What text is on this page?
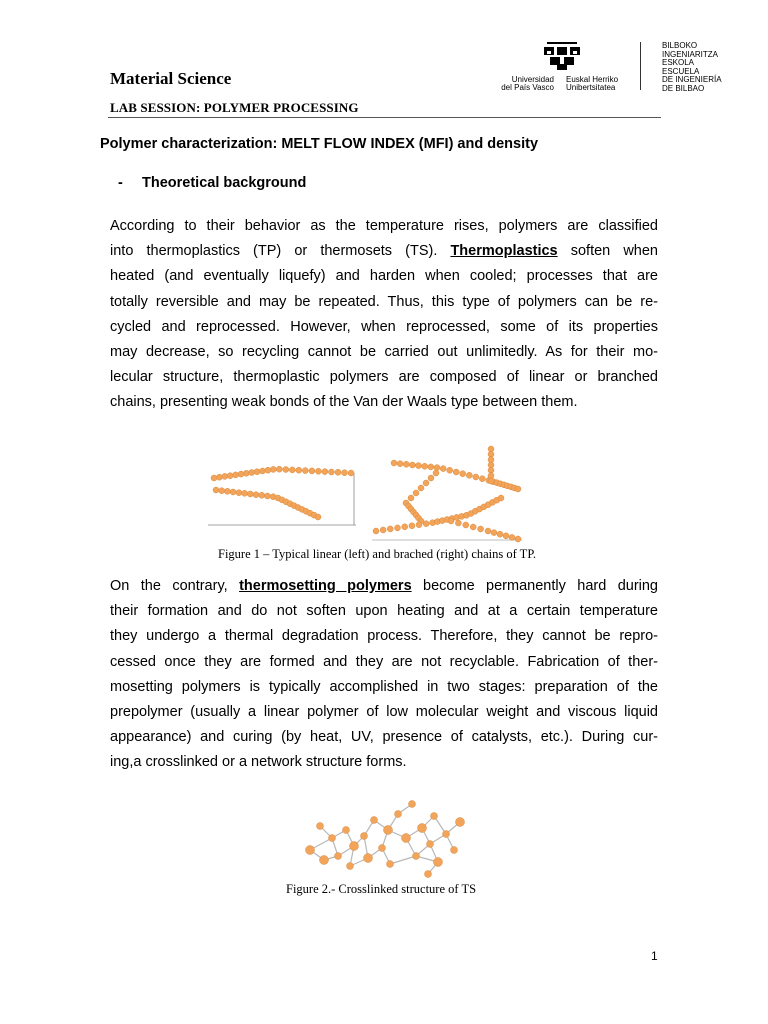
Material Science
LAB SESSION: POLYMER PROCESSING
Universidad
del País Vasco
Euskal Herriko
Unibertsitatea
BILBOKO
INGENIARITZA
ESKOLA
ESCUELA
DE INGENIERÍA
DE BILBAO
Polymer characterization: MELT FLOW INDEX (MFI) and density
- Theoretical background
According to their behavior as the temperature rises, polymers are classified
into thermoplastics (TP) or thermosets (TS). Thermoplastics soften when
heated (and eventually liquefy) and harden when cooled; processes that are
totally reversible and may be repeated. Thus, this type of polymers can be re-
cycled and reprocessed. However, when reprocessed, some of its properties
may decrease, so recycling cannot be carried out unlimitedly. As for their mo-
lecular structure, thermoplastic polymers are composed of linear or branched
chains, presenting weak bonds of the Van der Waals type between them.
Figure 1 – Typical linear (left) and brached (right) chains of TP.
On the contrary, thermosetting polymers become permanently hard during
their formation and do not soften upon heating and at a certain temperature
they undergo a thermal degradation process. Therefore, they cannot be repro-
cessed once they are formed and they are not recyclable. Fabrication of ther-
mosetting polymers is typically accomplished in two stages: preparation of the
prepolymer (usually a linear polymer of low molecular weight and viscous liquid
appearance) and curing (by heat, UV, presence of catalysts, etc.). During cur-
ing,a crosslinked or a network structure forms.
Figure 2.- Crosslinked structure of TS
1
